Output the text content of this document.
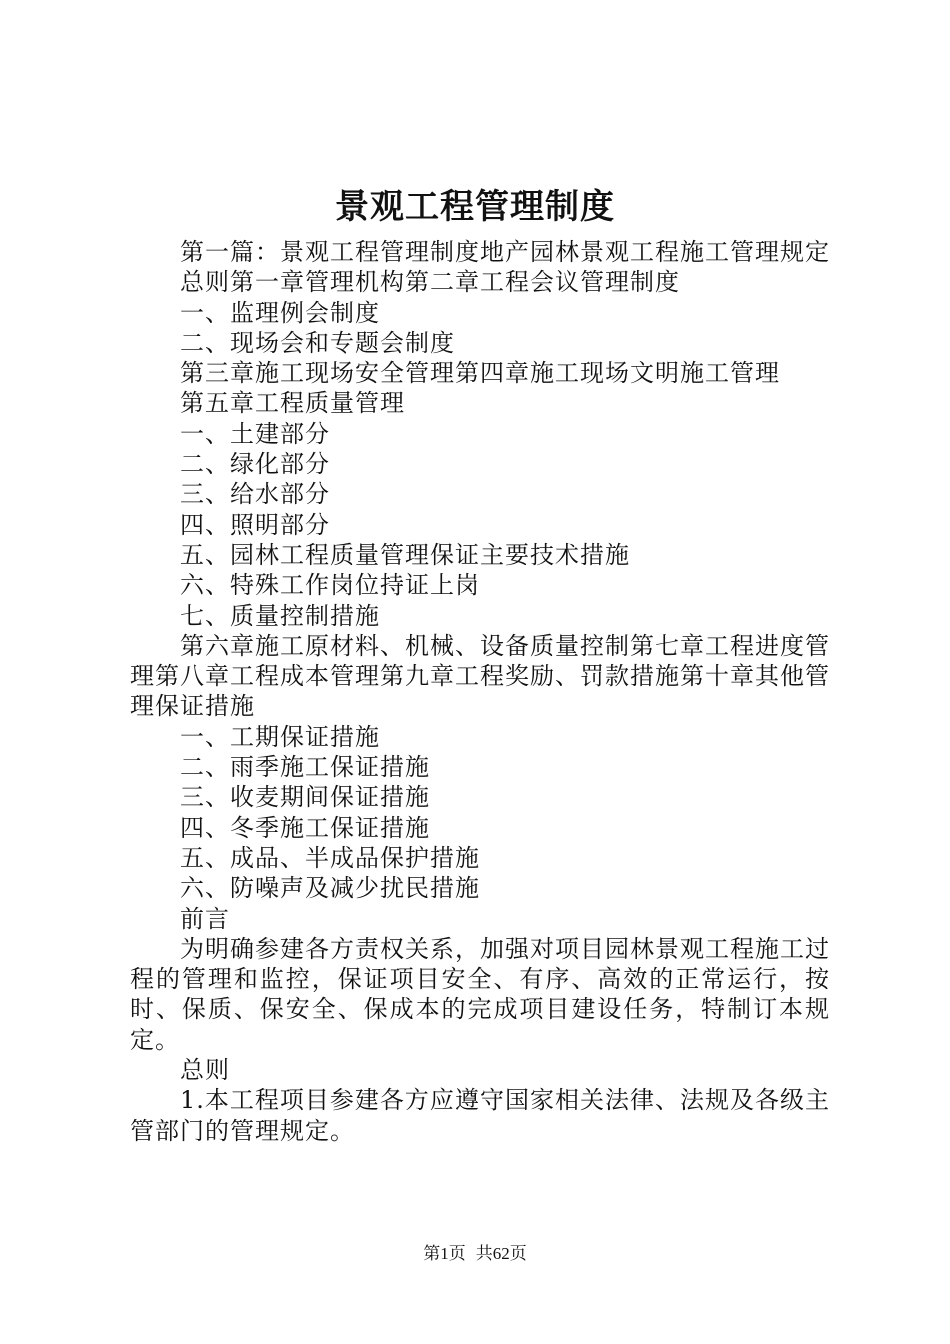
景观工程管理制度

第一篇：景观工程管理制度地产园林景观工程施工管理规定

总则第一章管理机构第二章工程会议管理制度

一、监理例会制度

二、现场会和专题会制度

第三章施工现场安全管理第四章施工现场文明施工管理

第五章工程质量管理

一、土建部分

二、绿化部分

三、给水部分

四、照明部分

五、园林工程质量管理保证主要技术措施

六、特殊工作岗位持证上岗

七、质量控制措施

第六章施工原材料、机械、设备质量控制第七章工程进度管理第八章工程成本管理第九章工程奖励、罚款措施第十章其他管理保证措施

一、工期保证措施

二、雨季施工保证措施

三、收麦期间保证措施

四、冬季施工保证措施

五、成品、半成品保护措施

六、防噪声及减少扰民措施

前言

为明确参建各方责权关系，加强对项目园林景观工程施工过程的管理和监控，保证项目安全、有序、高效的正常运行，按时、保质、保安全、保成本的完成项目建设任务，特制订本规定。

总则

1.本工程项目参建各方应遵守国家相关法律、法规及各级主管部门的管理规定。

第1页 共62页
